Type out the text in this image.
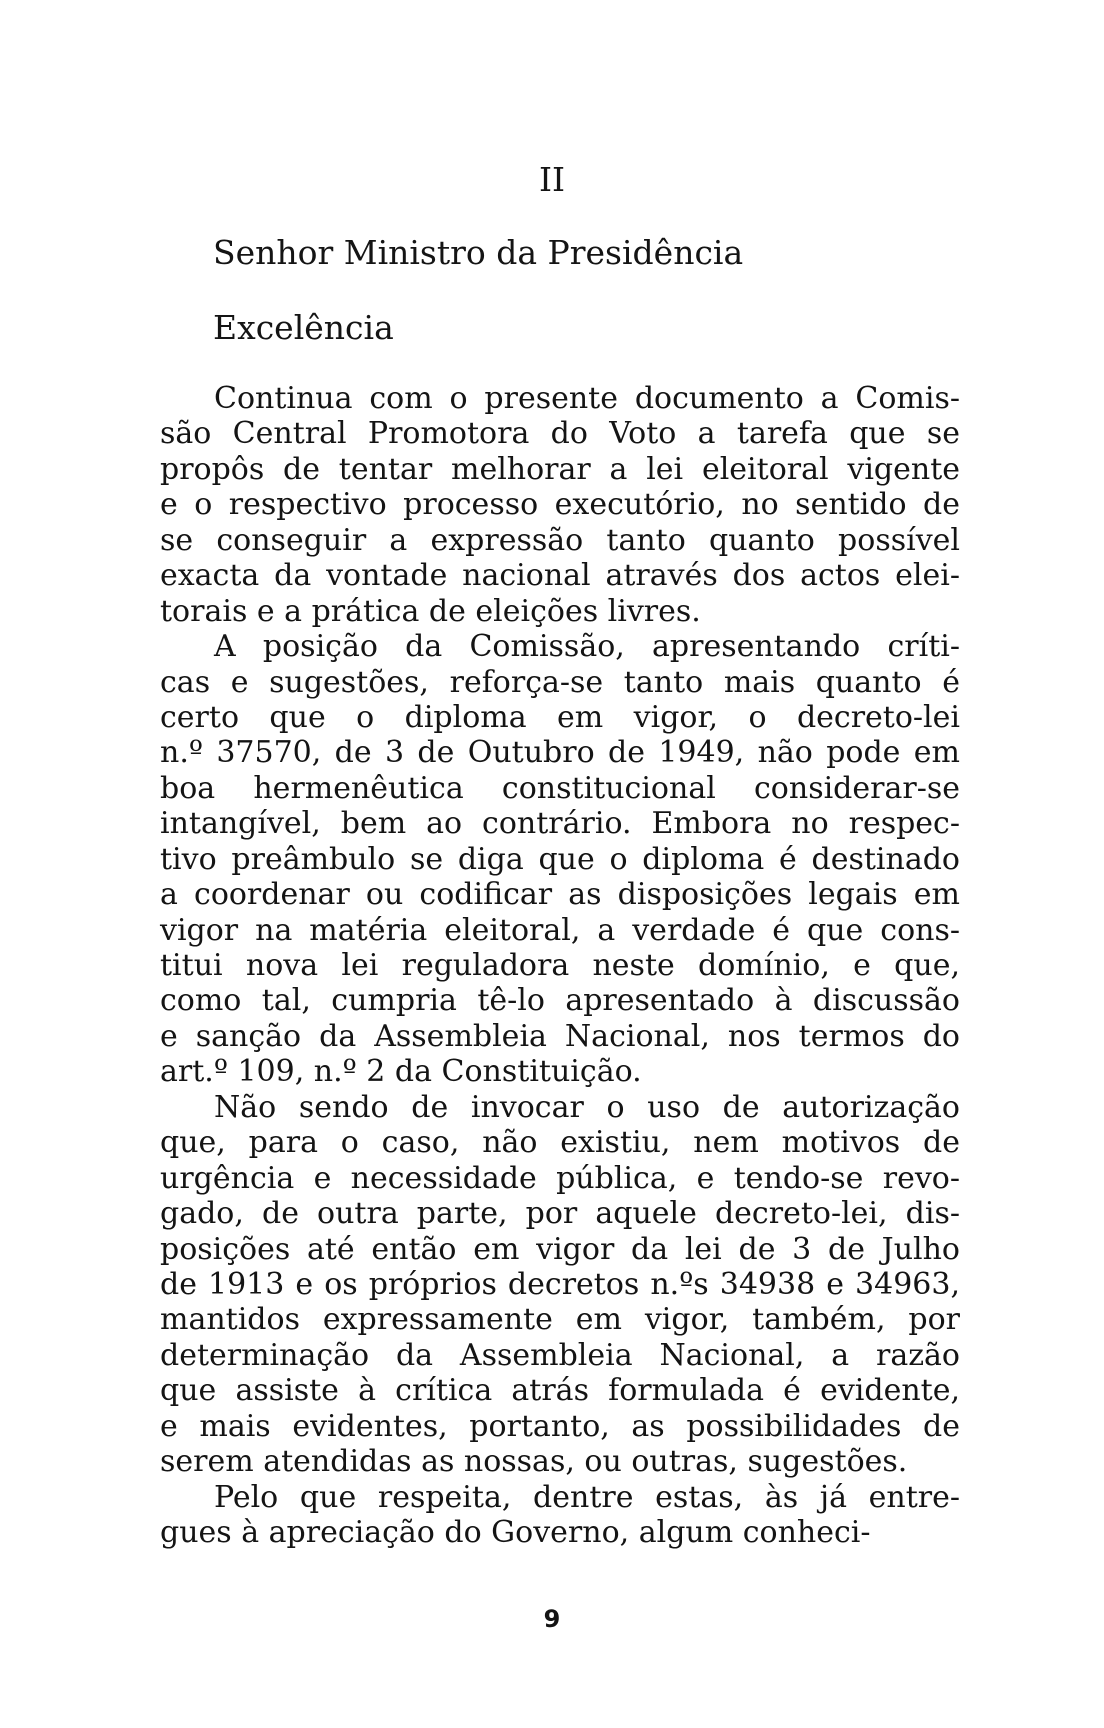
II
Senhor Ministro da Presidência
Excelência
Continua com o presente documento a Comis-
são Central Promotora do Voto a tarefa que se
propôs de tentar melhorar a lei eleitoral vigente
e o respectivo processo executório, no sentido de
se conseguir a expressão tanto quanto possível
exacta da vontade nacional através dos actos elei-
torais e a prática de eleições livres.
A posição da Comissão, apresentando críti-
cas e sugestões, reforça-se tanto mais quanto é
certo que o diploma em vigor, o decreto-lei
n.º 37570, de 3 de Outubro de 1949, não pode em
boa hermenêutica constitucional considerar-se
intangível, bem ao contrário. Embora no respec-
tivo preâmbulo se diga que o diploma é destinado
a coordenar ou codificar as disposições legais em
vigor na matéria eleitoral, a verdade é que cons-
titui nova lei reguladora neste domínio, e que,
como tal, cumpria tê-lo apresentado à discussão
e sanção da Assembleia Nacional, nos termos do
art.º 109, n.º 2 da Constituição.
Não sendo de invocar o uso de autorização
que, para o caso, não existiu, nem motivos de
urgência e necessidade pública, e tendo-se revo-
gado, de outra parte, por aquele decreto-lei, dis-
posições até então em vigor da lei de 3 de Julho
de 1913 e os próprios decretos n.ºs 34938 e 34963,
mantidos expressamente em vigor, também, por
determinação da Assembleia Nacional, a razão
que assiste à crítica atrás formulada é evidente,
e mais evidentes, portanto, as possibilidades de
serem atendidas as nossas, ou outras, sugestões.
Pelo que respeita, dentre estas, às já entre-
gues à apreciação do Governo, algum conheci-
9
